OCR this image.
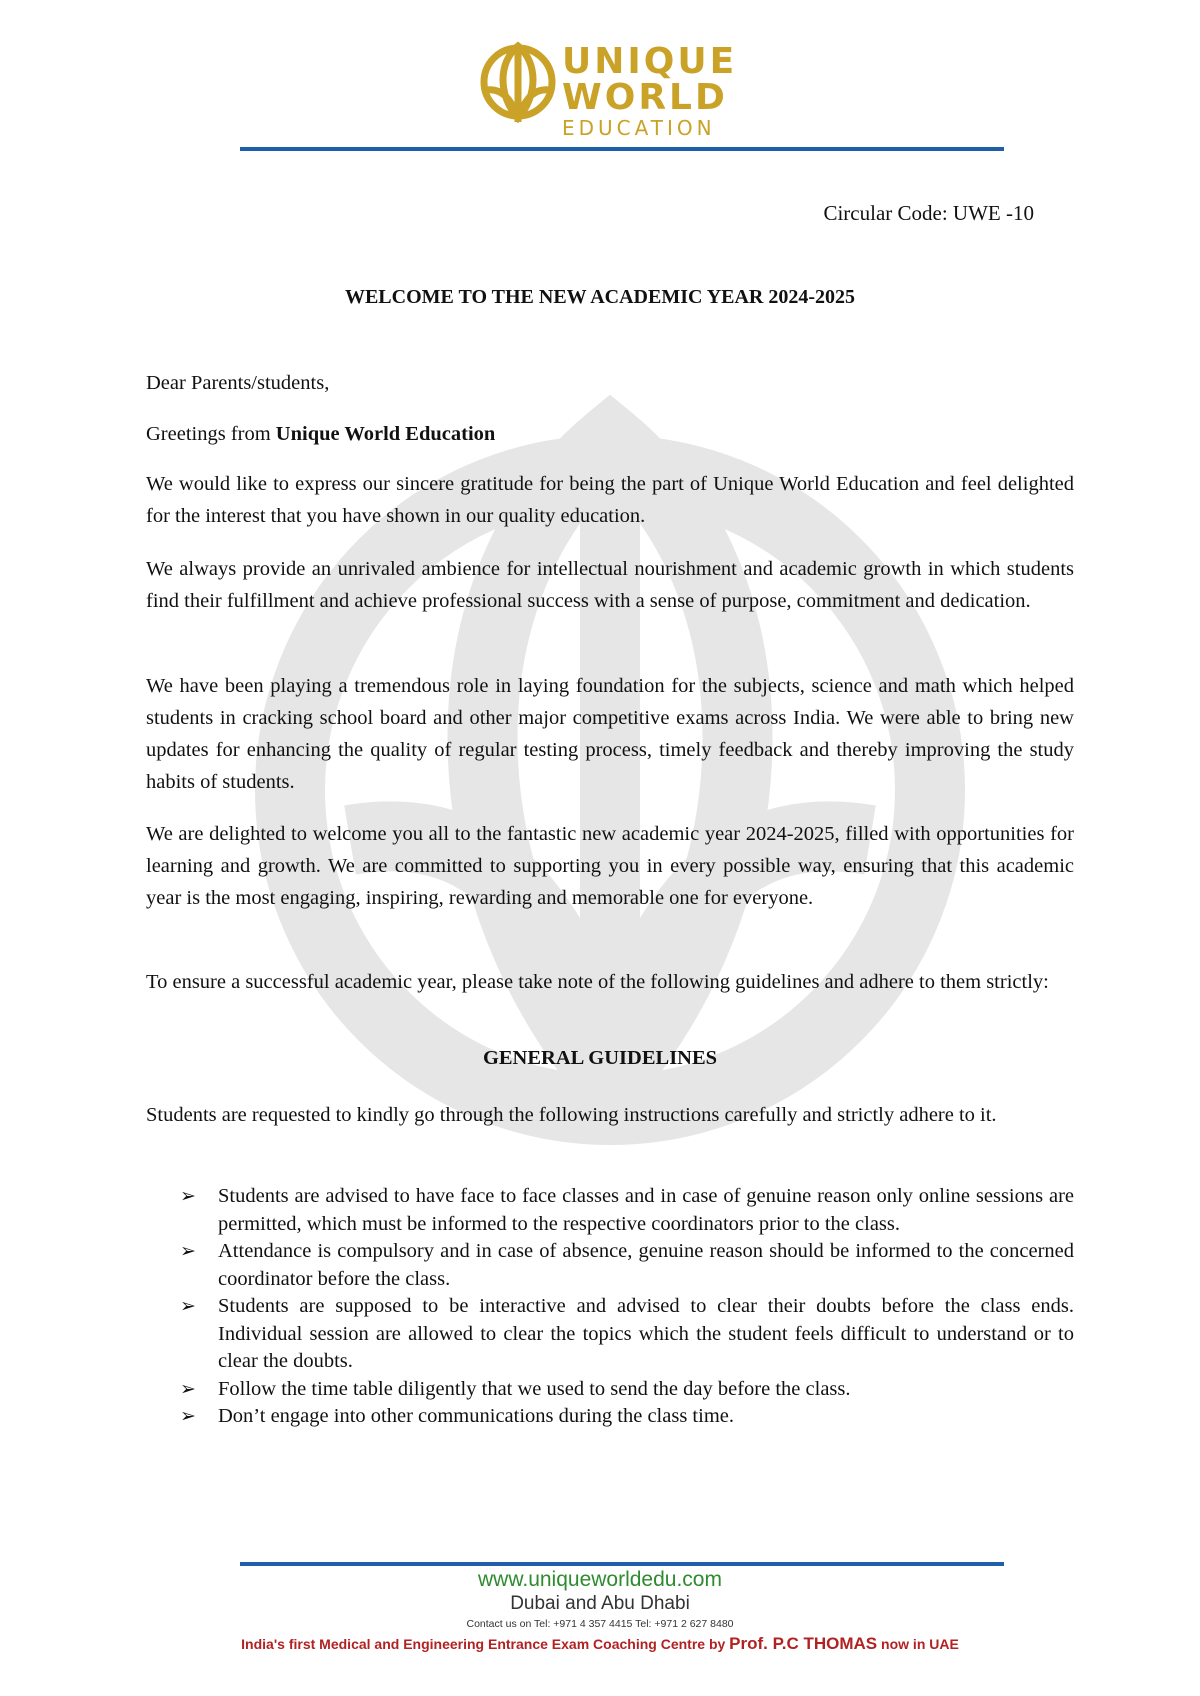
UNIQUE
WORLD
EDUCATION
Circular Code: UWE -10
WELCOME TO THE NEW ACADEMIC YEAR 2024-2025
Dear Parents/students,
Greetings from Unique World Education
We would like to express our sincere gratitude for being the part of Unique World Education and feel delighted for the interest that you have shown in our quality education.
We always provide an unrivaled ambience for intellectual nourishment and academic growth in which students find their fulfillment and achieve professional success with a sense of purpose, commitment and dedication.
We have been playing a tremendous role in laying foundation for the subjects, science and math which helped students in cracking school board and other major competitive exams across India. We were able to bring new updates for enhancing the quality of regular testing process, timely feedback and thereby improving the study habits of students.
We are delighted to welcome you all to the fantastic new academic year 2024-2025, filled with opportunities for learning and growth. We are committed to supporting you in every possible way, ensuring that this academic year is the most engaging, inspiring, rewarding and memorable one for everyone.
To ensure a successful academic year, please take note of the following guidelines and adhere to them strictly:
GENERAL GUIDELINES
Students are requested to kindly go through the following instructions carefully and strictly adhere to it.
➢ Students are advised to have face to face classes and in case of genuine reason only online sessions are permitted, which must be informed to the respective coordinators prior to the class.
➢ Attendance is compulsory and in case of absence, genuine reason should be informed to the concerned coordinator before the class.
➢ Students are supposed to be interactive and advised to clear their doubts before the class ends. Individual session are allowed to clear the topics which the student feels difficult to understand or to clear the doubts.
➢ Follow the time table diligently that we used to send the day before the class.
➢ Don’t engage into other communications during the class time.
www.uniqueworldedu.com
Dubai and Abu Dhabi
Contact us on Tel: +971 4 357 4415 Tel: +971 2 627 8480
India's first Medical and Engineering Entrance Exam Coaching Centre by Prof. P.C THOMAS now in UAE
